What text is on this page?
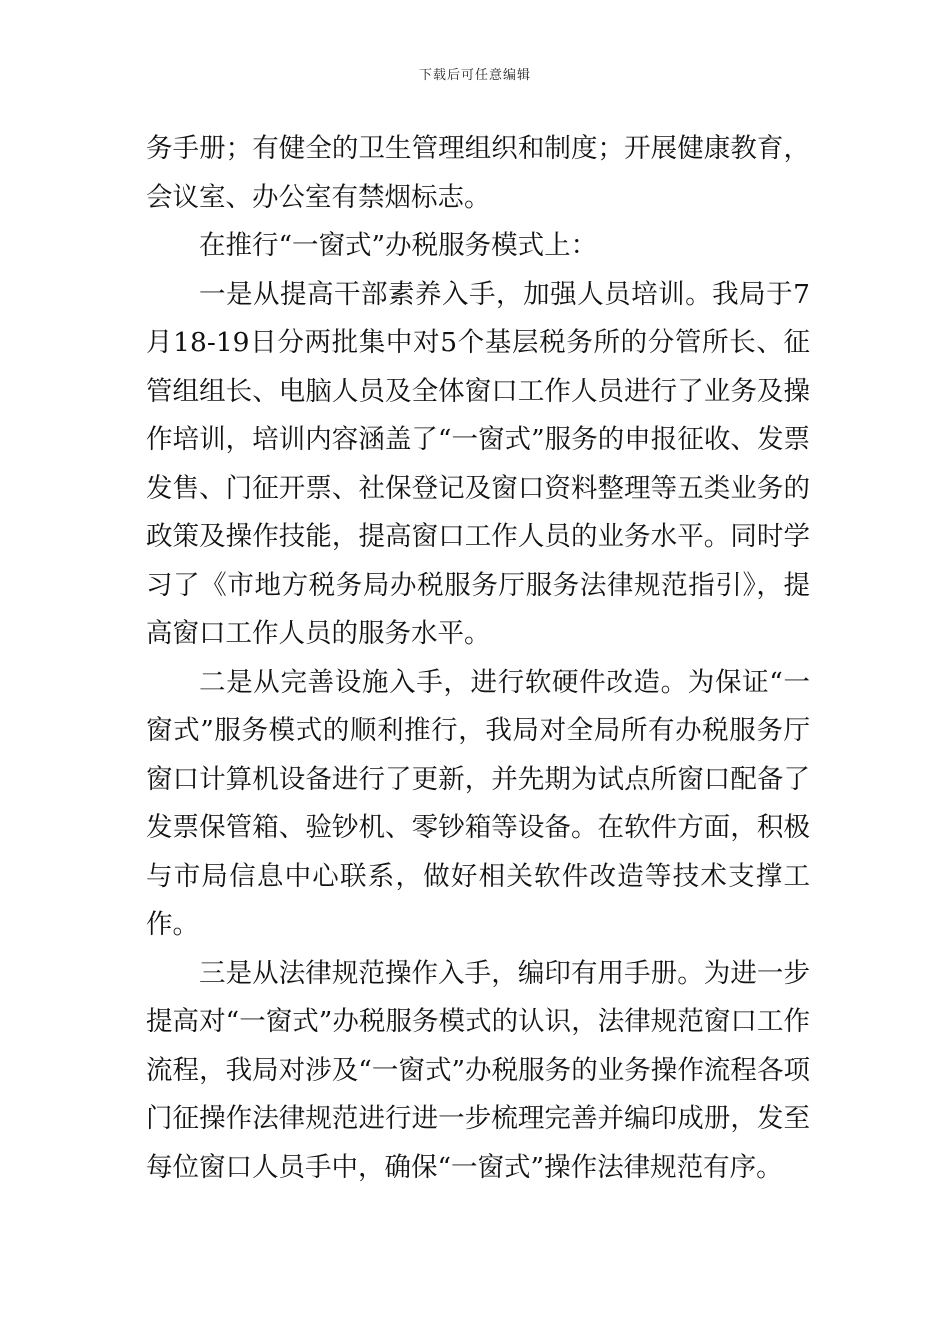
下载后可任意编辑

务手册；有健全的卫生管理组织和制度；开展健康教育，会议室、办公室有禁烟标志。

在推行“一窗式”办税服务模式上：

一是从提高干部素养入手，加强人员培训。我局于7月18-19日分两批集中对5个基层税务所的分管所长、征管组组长、电脑人员及全体窗口工作人员进行了业务及操作培训，培训内容涵盖了“一窗式”服务的申报征收、发票发售、门征开票、社保登记及窗口资料整理等五类业务的政策及操作技能，提高窗口工作人员的业务水平。同时学习了《市地方税务局办税服务厅服务法律规范指引》，提高窗口工作人员的服务水平。

二是从完善设施入手，进行软硬件改造。为保证“一窗式”服务模式的顺利推行，我局对全局所有办税服务厅窗口计算机设备进行了更新，并先期为试点所窗口配备了发票保管箱、验钞机、零钞箱等设备。在软件方面，积极与市局信息中心联系，做好相关软件改造等技术支撑工作。

三是从法律规范操作入手，编印有用手册。为进一步提高对“一窗式”办税服务模式的认识，法律规范窗口工作流程，我局对涉及“一窗式”办税服务的业务操作流程各项门征操作法律规范进行进一步梳理完善并编印成册，发至每位窗口人员手中，确保“一窗式”操作法律规范有序。
